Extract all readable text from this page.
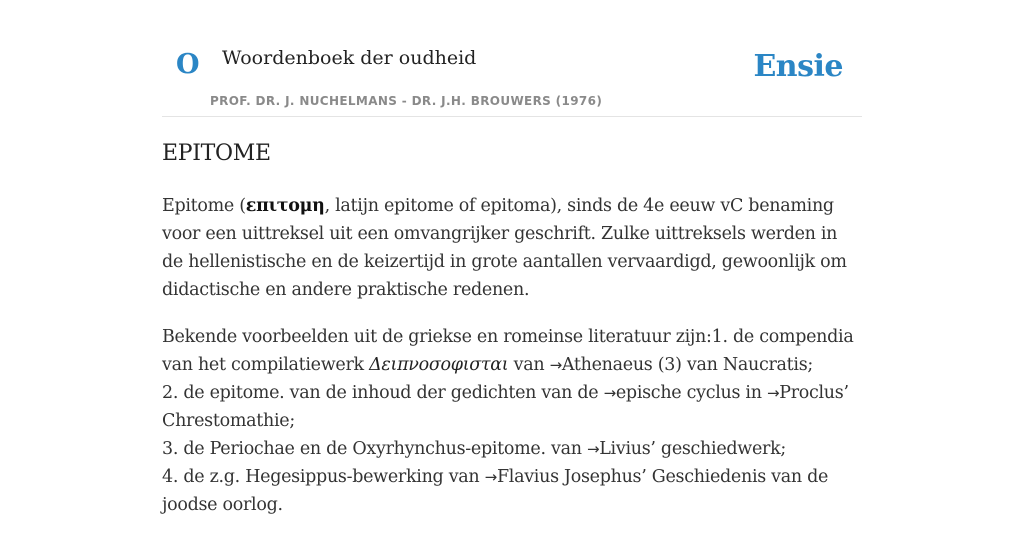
O Woordenboek der oudheid
PROF. DR. J. NUCHELMANS - DR. J.H. BROUWERS (1976)
Ensie
EPITOME

Epitome (επιτομη, latijn epitome of epitoma), sinds de 4e eeuw vC benaming voor een uittreksel uit een omvangrijker geschrift. Zulke uittreksels werden in de hellenistische en de keizertijd in grote aantallen vervaardigd, gewoonlijk om didactische en andere praktische redenen.

Bekende voorbeelden uit de griekse en romeinse literatuur zijn:1. de compendia van het compilatiewerk Δειπνοσοφισται van →Athenaeus (3) van Naucratis;
2. de epitome. van de inhoud der gedichten van de →epische cyclus in →Proclus’ Chrestomathie;
3. de Periochae en de Oxyrhynchus-epitome. van →Livius’ geschiedwerk;
4. de z.g. Hegesippus-bewerking van →Flavius Josephus’ Geschiedenis van de joodse oorlog.
